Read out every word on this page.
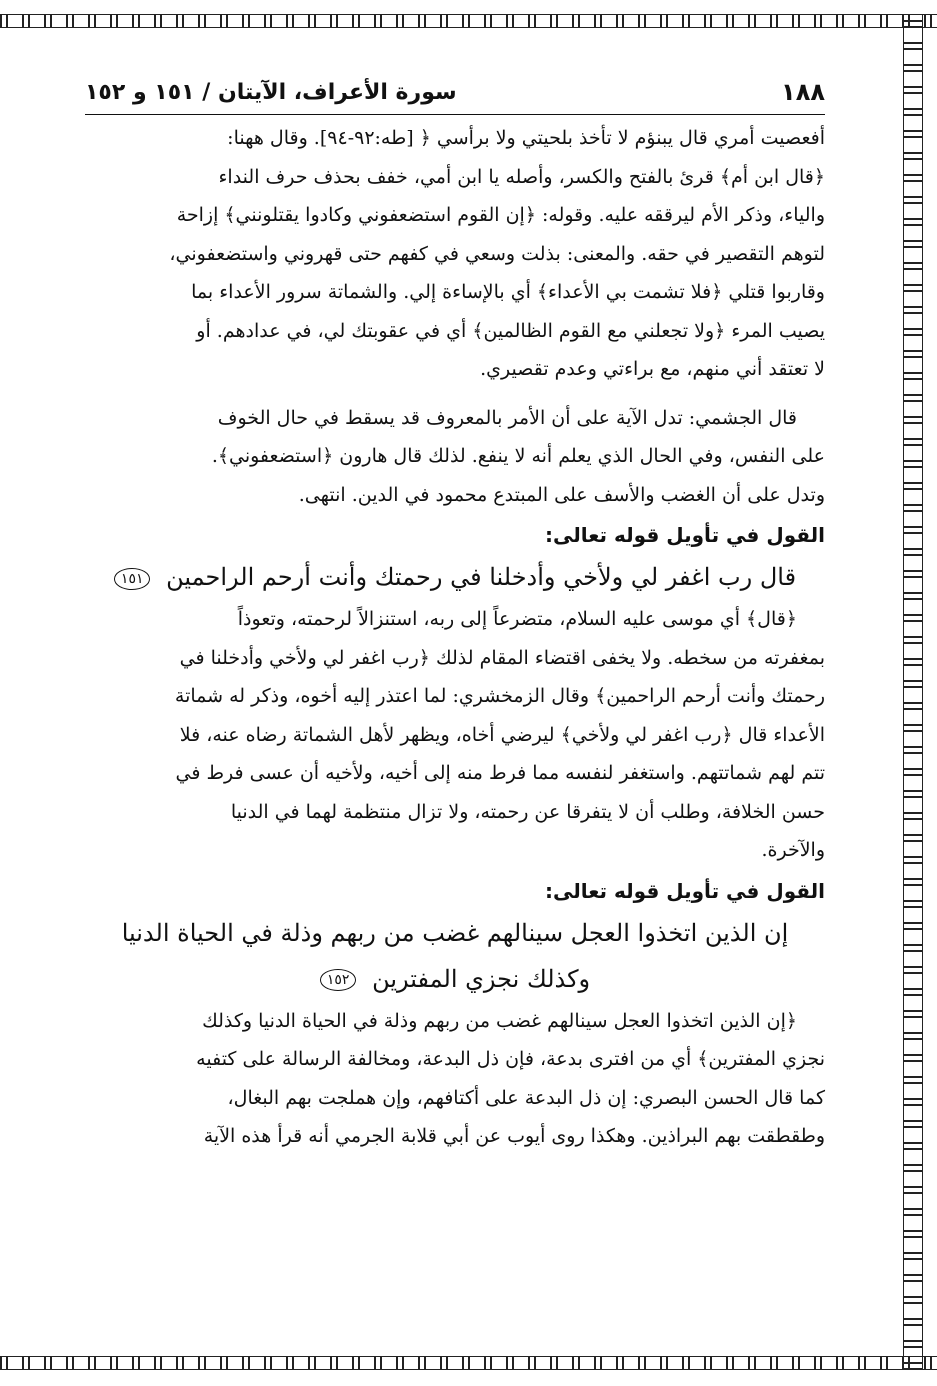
١٨٨
سورة الأعراف، الآيتان / ١٥١ و ١٥٢
أفعصيت أمري قال يبنؤم لا تأخذ بلحيتي ولا برأسي ﴿ [طه:٩٢-٩٤]. وقال ههنا:
﴿قال ابن أم﴾ قرئ بالفتح والكسر، وأصله يا ابن أمي، خفف بحذف حرف النداء
والياء، وذكر الأم ليرققه عليه. وقوله: ﴿إن القوم استضعفوني وكادوا يقتلونني﴾ إزاحة
لتوهم التقصير في حقه. والمعنى: بذلت وسعي في كفهم حتى قهروني واستضعفوني،
وقاربوا قتلي ﴿فلا تشمت بي الأعداء﴾ أي بالإساءة إلي. والشماتة سرور الأعداء بما
يصيب المرء ﴿ولا تجعلني مع القوم الظالمين﴾ أي في عقوبتك لي، في عدادهم. أو
لا تعتقد أني منهم، مع براءتي وعدم تقصيري.
قال الجشمي: تدل الآية على أن الأمر بالمعروف قد يسقط في حال الخوف
على النفس، وفي الحال الذي يعلم أنه لا ينفع. لذلك قال هارون ﴿استضعفوني﴾.
وتدل على أن الغضب والأسف على المبتدع محمود في الدين. انتهى.
القول في تأويل قوله تعالى:
قال رب اغفر لي ولأخي وأدخلنا في رحمتك وأنت أرحم الراحمين ١٥١
﴿قال﴾ أي موسى عليه السلام، متضرعاً إلى ربه، استنزالاً لرحمته، وتعوذاً
بمغفرته من سخطه. ولا يخفى اقتضاء المقام لذلك ﴿رب اغفر لي ولأخي وأدخلنا في
رحمتك وأنت أرحم الراحمين﴾ وقال الزمخشري: لما اعتذر إليه أخوه، وذكر له شماتة
الأعداء قال ﴿رب اغفر لي ولأخي﴾ ليرضي أخاه، ويظهر لأهل الشماتة رضاه عنه، فلا
تتم لهم شماتتهم. واستغفر لنفسه مما فرط منه إلى أخيه، ولأخيه أن عسى فرط في
حسن الخلافة، وطلب أن لا يتفرقا عن رحمته، ولا تزال منتظمة لهما في الدنيا
والآخرة.
القول في تأويل قوله تعالى:
إن الذين اتخذوا العجل سينالهم غضب من ربهم وذلة في الحياة الدنيا
وكذلك نجزي المفترين ١٥٢
﴿إن الذين اتخذوا العجل سينالهم غضب من ربهم وذلة في الحياة الدنيا وكذلك
نجزي المفترين﴾ أي من افترى بدعة، فإن ذل البدعة، ومخالفة الرسالة على كتفيه
كما قال الحسن البصري: إن ذل البدعة على أكتافهم، وإن هملجت بهم البغال،
وطقطقت بهم البراذين. وهكذا روى أيوب عن أبي قلابة الجرمي أنه قرأ هذه الآية
